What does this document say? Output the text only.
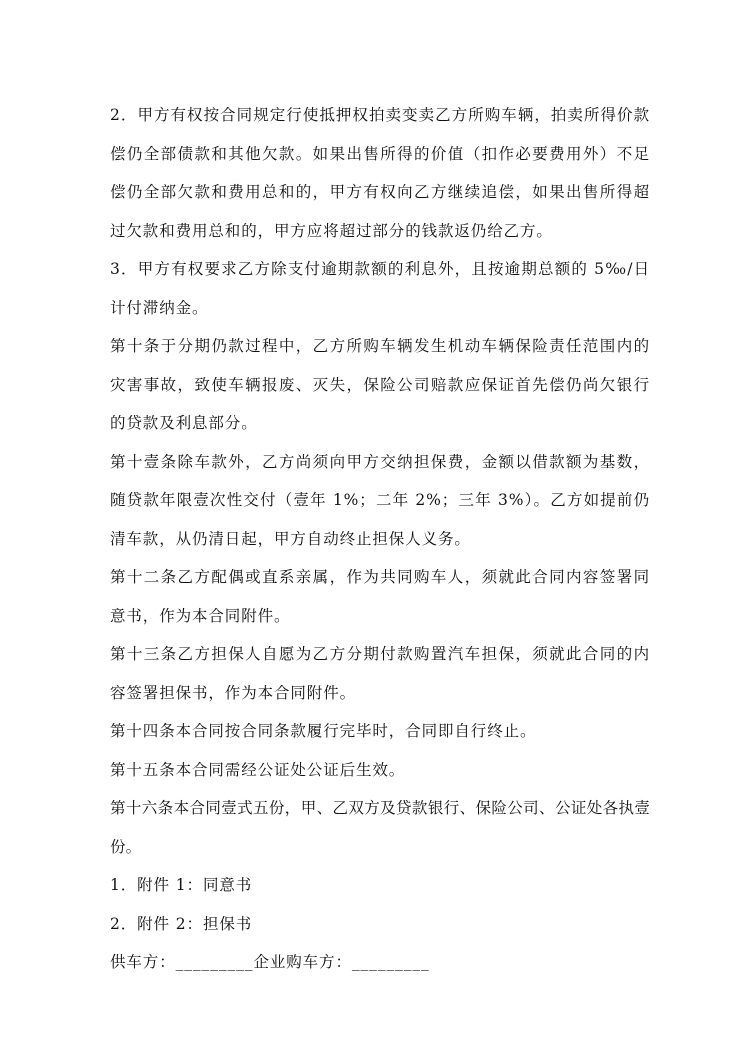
2．甲方有权按合同规定行使抵押权拍卖变卖乙方所购车辆，拍卖所得价款偿仍全部债款和其他欠款。如果出售所得的价值（扣作必要费用外）不足偿仍全部欠款和费用总和的，甲方有权向乙方继续追偿，如果出售所得超过欠款和费用总和的，甲方应将超过部分的钱款返仍给乙方。

3．甲方有权要求乙方除支付逾期款额的利息外，且按逾期总额的 5‰/日计付滞纳金。

第十条于分期仍款过程中，乙方所购车辆发生机动车辆保险责任范围内的灾害事故，致使车辆报废、灭失，保险公司赔款应保证首先偿仍尚欠银行的贷款及利息部分。

第十壹条除车款外，乙方尚须向甲方交纳担保费，金额以借款额为基数，随贷款年限壹次性交付（壹年 1%；二年 2%；三年 3%）。乙方如提前仍清车款，从仍清日起，甲方自动终止担保人义务。

第十二条乙方配偶或直系亲属，作为共同购车人，须就此合同内容签署同意书，作为本合同附件。

第十三条乙方担保人自愿为乙方分期付款购置汽车担保，须就此合同的内容签署担保书，作为本合同附件。

第十四条本合同按合同条款履行完毕时，合同即自行终止。

第十五条本合同需经公证处公证后生效。

第十六条本合同壹式五份，甲、乙双方及贷款银行、保险公司、公证处各执壹份。

1．附件 1：同意书

2．附件 2：担保书

供车方：_________企业购车方：_________
